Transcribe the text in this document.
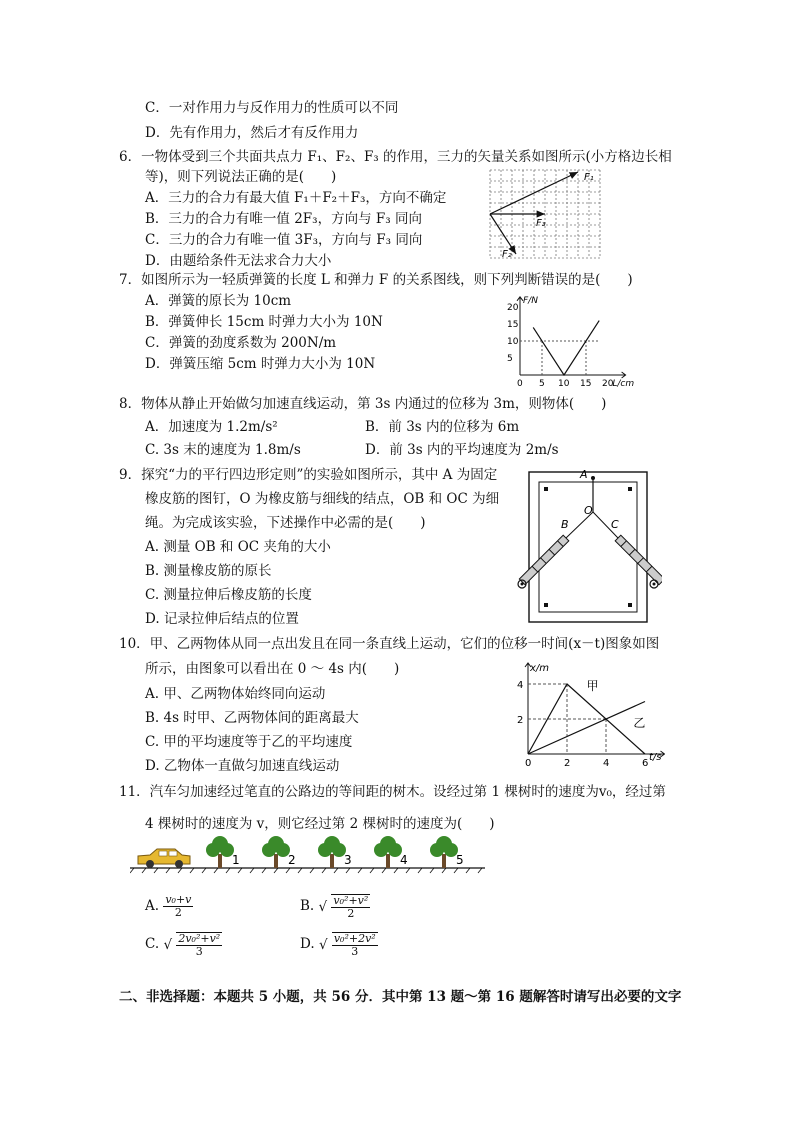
C．一对作用力与反作用力的性质可以不同
D．先有作用力，然后才有反作用力
6．一物体受到三个共面共点力 F₁、F₂、F₃ 的作用，三力的矢量关系如图所示(小方格边长相
等)，则下列说法正确的是(　　)
A．三力的合力有最大值 F₁＋F₂＋F₃，方向不确定
B．三力的合力有唯一值 2F₃，方向与 F₃ 同向
C．三力的合力有唯一值 3F₃，方向与 F₃ 同向
D．由题给条件无法求合力大小
F₁
F₃
F₂
7．如图所示为一轻质弹簧的长度 L 和弹力 F 的关系图线，则下列判断错误的是(　　)
A．弹簧的原长为 10cm
B．弹簧伸长 15cm 时弹力大小为 10N
C．弹簧的劲度系数为 200N/m
D．弹簧压缩 5cm 时弹力大小为 10N
0 5 10 15 20
5
10
15
20
F/N
L/cm
8．物体从静止开始做匀加速直线运动，第 3s 内通过的位移为 3m，则物体(　　)
A．加速度为 1.2m/s²	B．前 3s 内的位移为 6m
C. 3s 末的速度为 1.8m/s	D．前 3s 内的平均速度为 2m/s
9．探究“力的平行四边形定则”的实验如图所示，其中 A 为固定
橡皮筋的图钉，O 为橡皮筋与细线的结点，OB 和 OC 为细
绳。为完成该实验，下述操作中必需的是(　　)
A. 测量 OB 和 OC 夹角的大小
B. 测量橡皮筋的原长
C. 测量拉伸后橡皮筋的长度
D. 记录拉伸后结点的位置
A
O
B	C
10．甲、乙两物体从同一点出发且在同一条直线上运动，它们的位移一时间(x－t)图象如图
所示，由图象可以看出在 0 ～ 4s 内(　　)
A. 甲、乙两物体始终同向运动
B. 4s 时甲、乙两物体间的距离最大
C. 甲的平均速度等于乙的平均速度
D. 乙物体一直做匀加速直线运动	0	2	4	6
2
4
x/m
t/s
甲
乙
11．汽车匀加速经过笔直的公路边的等间距的树木。设经过第 1 棵树时的速度为v₀，经过第
4 棵树时的速度为 v，则它经过第 2 棵树时的速度为(　　)
1	2	3	4	5
A. $\frac{\text{v₀+v}}{2}$	B. √ $\frac{\text{v₀²+v²}}{2}$
C. √ $\frac{\text{2v₀²+v²}}{3}$	D. √ $\frac{\text{v₀²+2v²}}{3}$
二、非选择题：本题共 5 小题，共 56 分．其中第 13 题～第 16 题解答时请写出必要的文字
